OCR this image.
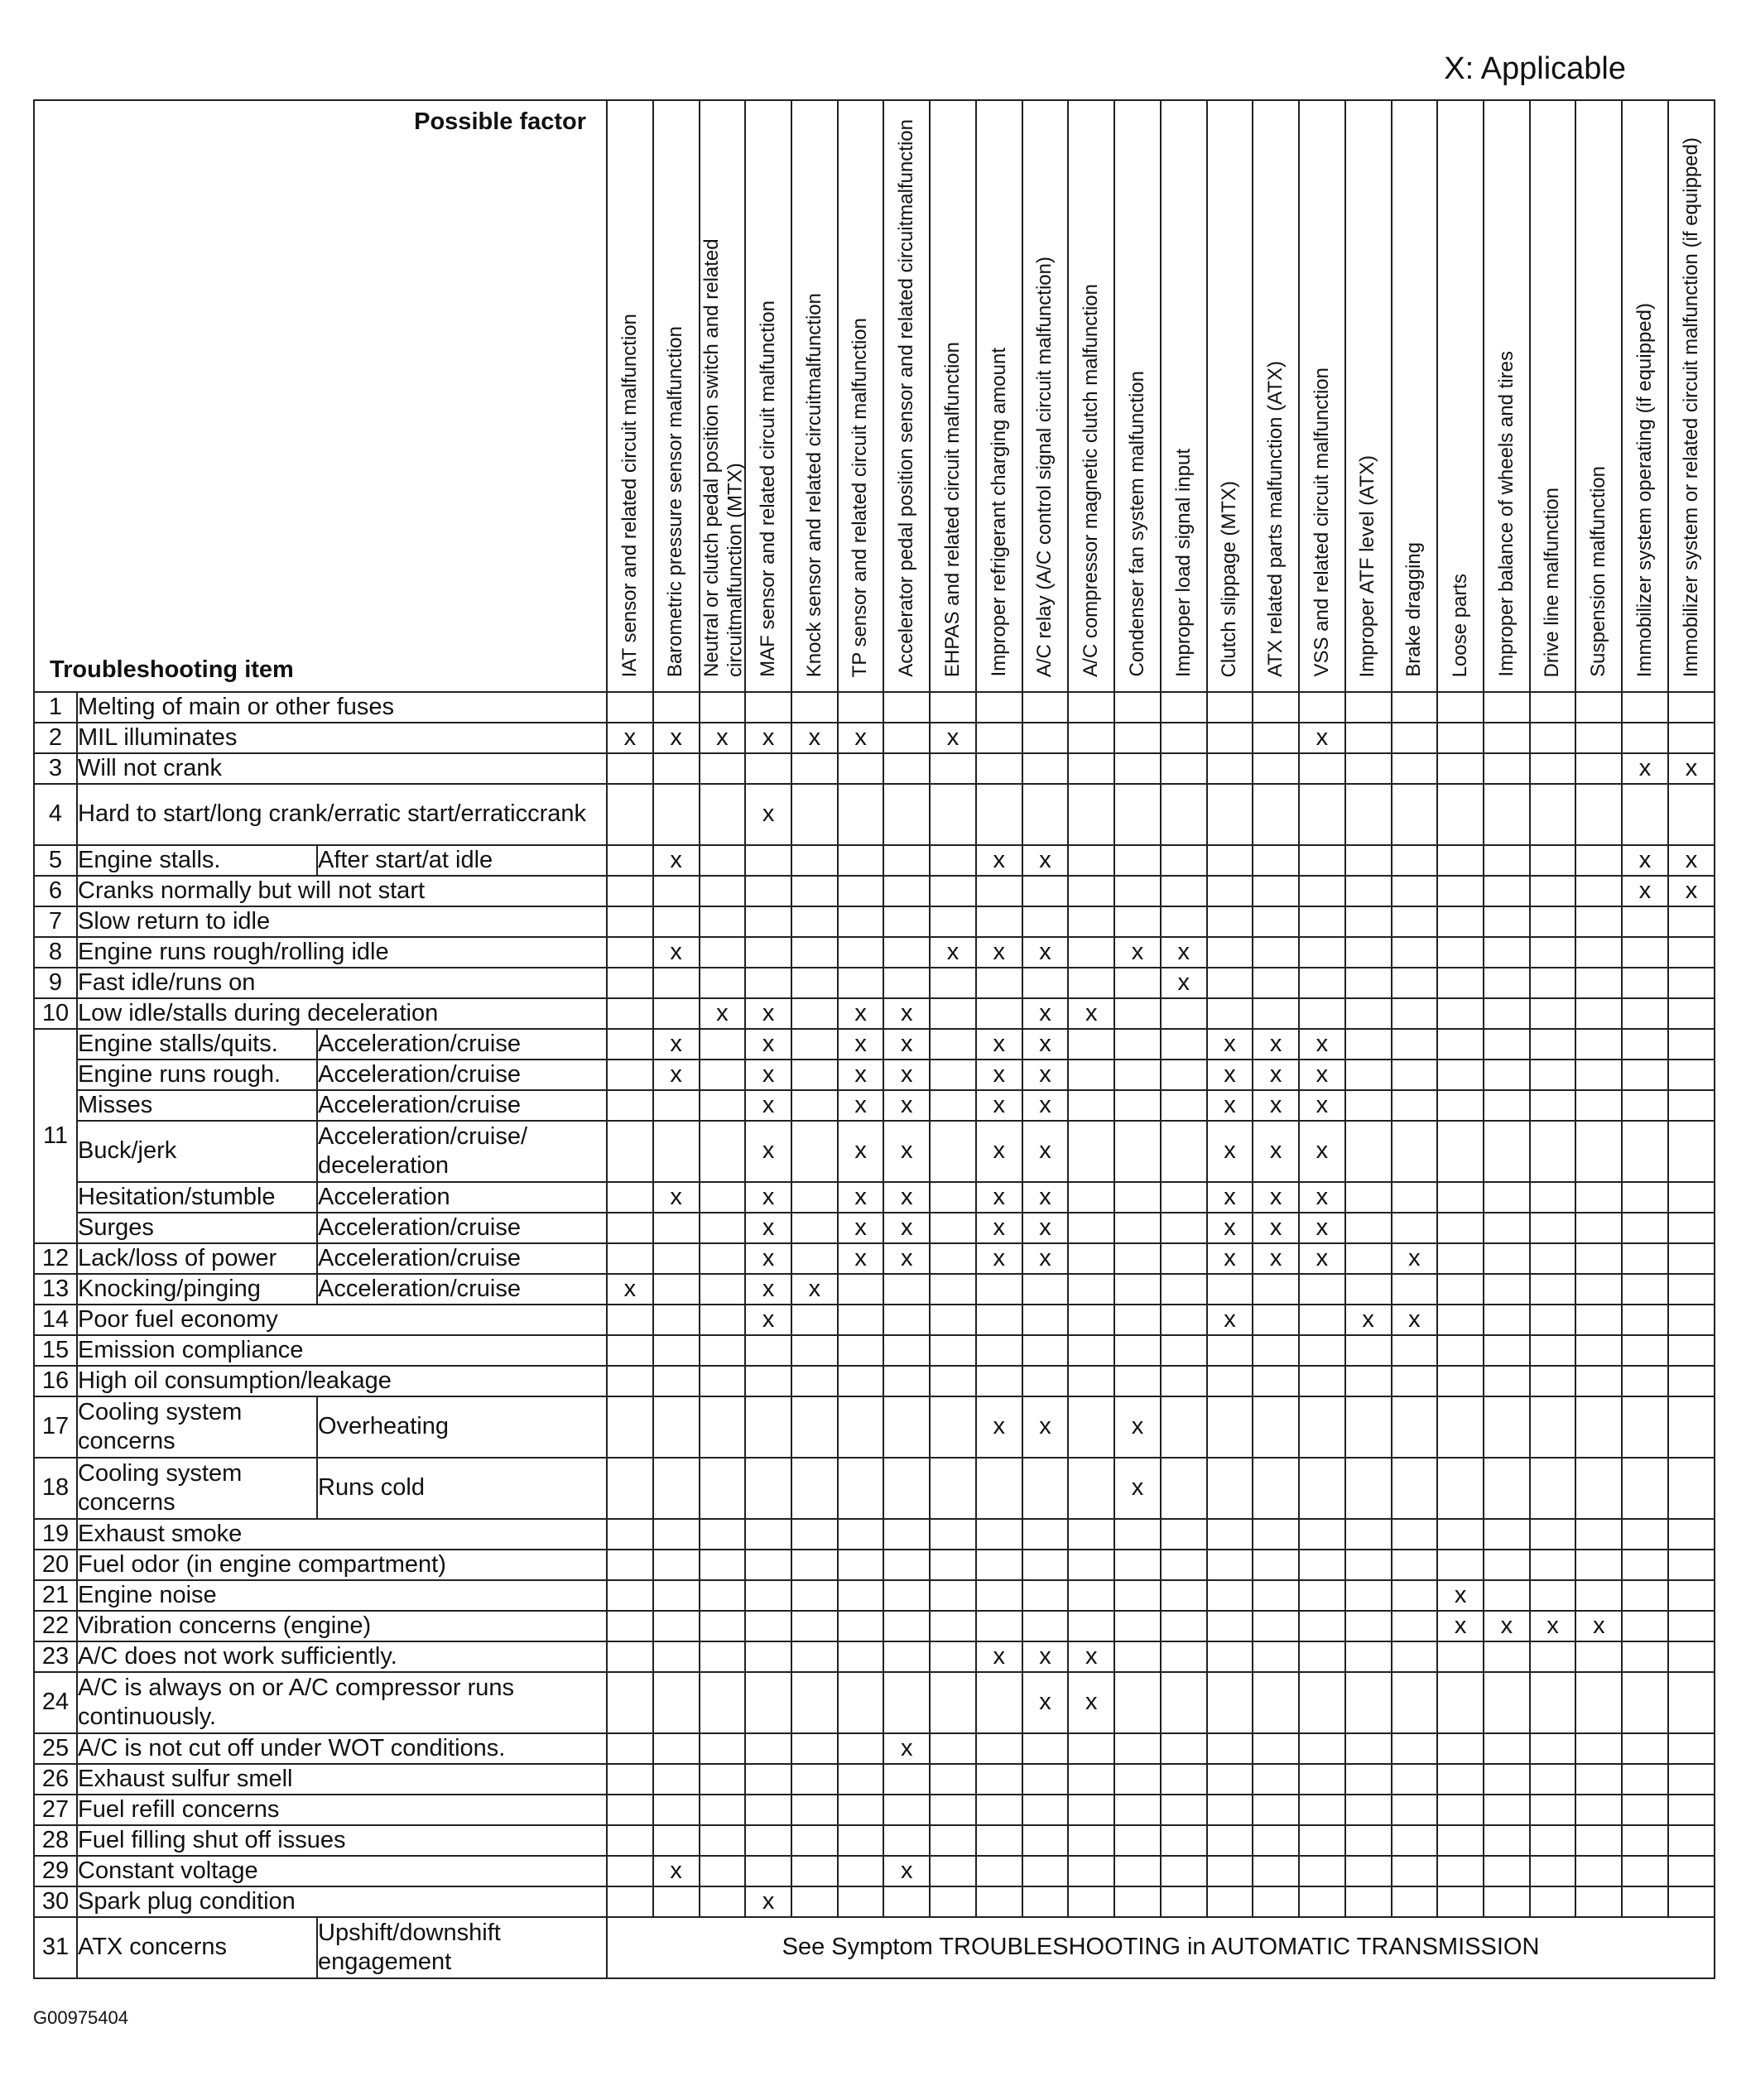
X: Applicable
Possible factor
Troubleshooting item			IAT sensor and related circuit malfunction	Barometric pressure sensor malfunction	Neutral or clutch pedal position switch and related circuitmalfunction (MTX)	MAF sensor and related circuit malfunction	Knock sensor and related circuitmalfunction	TP sensor and related circuit malfunction	Accelerator pedal position sensor and related circuitmalfunction	EHPAS and related circuit malfunction	Improper refrigerant charging amount	A/C relay (A/C control signal circuit malfunction)	A/C compressor magnetic clutch malfunction	Condenser fan system malfunction	Improper load signal input	Clutch slippage (MTX)	ATX related parts malfunction (ATX)	VSS and related circuit malfunction	Improper ATF level (ATX)	Brake dragging	Loose parts	Improper balance of wheels and tires	Drive line malfunction	Suspension malfunction	Immobilizer system operating (if equipped)	Immobilizer system or related circuit malfunction (if equipped)
1	Melting of main or other fuses																									
2	MIL illuminates		x	x	x	x	x	x		x								x								
3	Will not crank																								x	x
4	Hard to start/long crank/erratic start/erraticcrank					x																				
5	Engine stalls.	After start/at idle		x							x	x													x	x
6	Cranks normally but will not start																								x	x
7	Slow return to idle																									
8	Engine runs rough/rolling idle			x						x	x	x		x	x											
9	Fast idle/runs on														x											
10	Low idle/stalls during deceleration				x	x		x	x			x	x													
11	Engine stalls/quits.	Acceleration/cruise		x		x		x	x		x	x				x	x	x								
	Engine runs rough.	Acceleration/cruise		x		x		x	x		x	x				x	x	x								
	Misses	Acceleration/cruise				x		x	x		x	x				x	x	x								
	Buck/jerk	Acceleration/cruise/ deceleration				x		x	x		x	x				x	x	x								
	Hesitation/stumble	Acceleration		x		x		x	x		x	x				x	x	x								
	Surges	Acceleration/cruise				x		x	x		x	x				x	x	x								
12	Lack/loss of power	Acceleration/cruise				x		x	x		x	x				x	x	x		x						
13	Knocking/pinging	Acceleration/cruise	x			x	x																			
14	Poor fuel economy					x										x			x	x						
15	Emission compliance																									
16	High oil consumption/leakage																									
17	Cooling system concerns	Overheating									x	x		x												
18	Cooling system concerns	Runs cold												x												
19	Exhaust smoke																									
20	Fuel odor (in engine compartment)																									
21	Engine noise																				x					
22	Vibration concerns (engine)																				x	x	x	x		
23	A/C does not work sufficiently.										x	x	x													
24	A/C is always on or A/C compressor runs continuously.											x	x													
25	A/C is not cut off under WOT conditions.								x																	
26	Exhaust sulfur smell																									
27	Fuel refill concerns																									
28	Fuel filling shut off issues																									
29	Constant voltage			x					x																	
30	Spark plug condition					x																				
31	ATX concerns	Upshift/downshift engagement	See Symptom TROUBLESHOOTING in AUTOMATIC TRANSMISSION																							
G00975404
